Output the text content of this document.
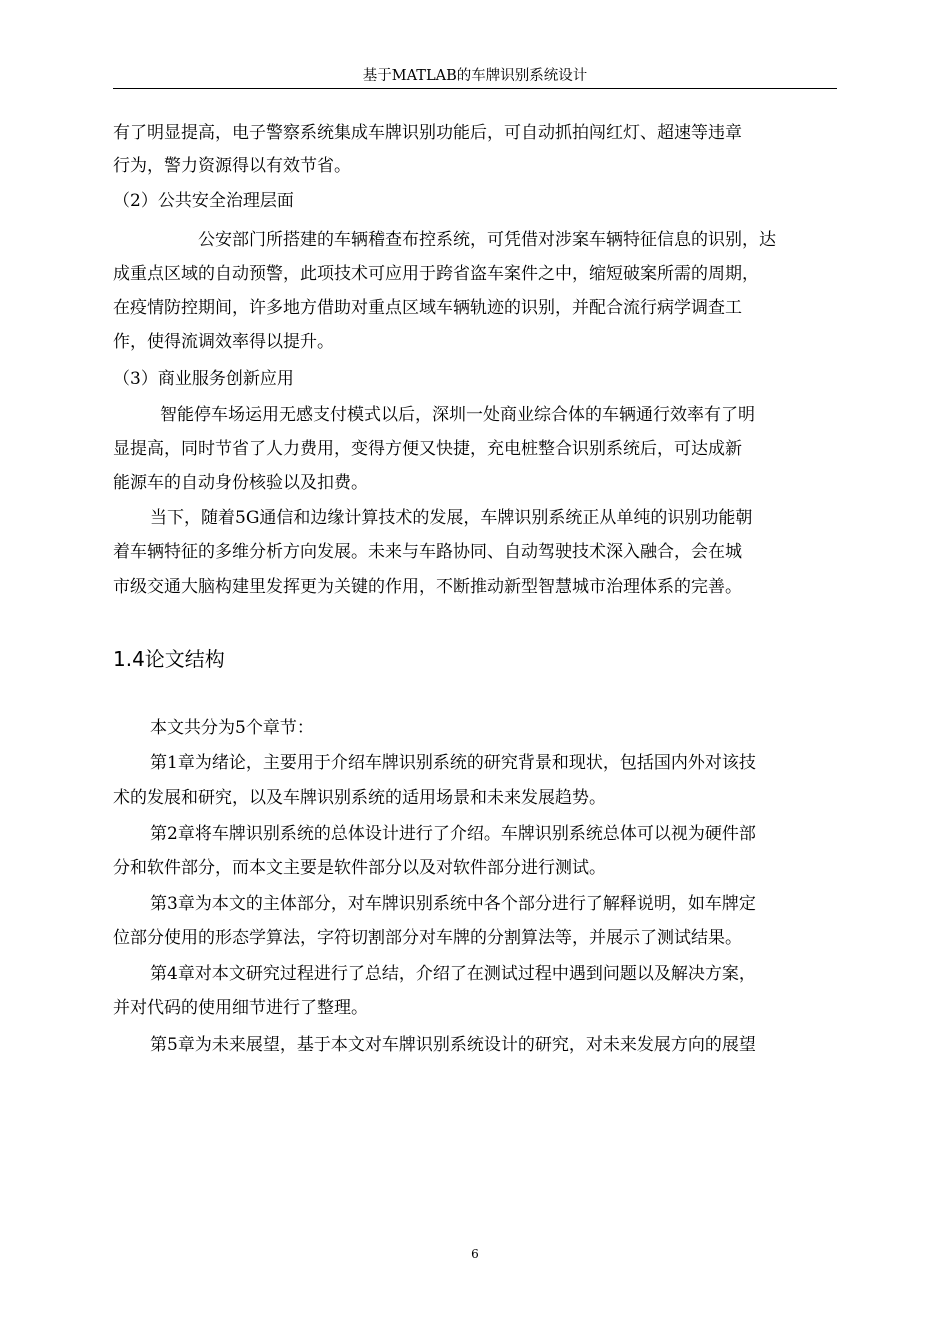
基于MATLAB的车牌识别系统设计
有了明显提高，电子警察系统集成车牌识别功能后，可自动抓拍闯红灯、超速等违章
行为，警力资源得以有效节省。
（2）公共安全治理层面
公安部门所搭建的车辆稽查布控系统，可凭借对涉案车辆特征信息的识别，达
成重点区域的自动预警，此项技术可应用于跨省盗车案件之中，缩短破案所需的周期，
在疫情防控期间，许多地方借助对重点区域车辆轨迹的识别，并配合流行病学调查工
作，使得流调效率得以提升。
（3）商业服务创新应用
智能停车场运用无感支付模式以后，深圳一处商业综合体的车辆通行效率有了明
显提高，同时节省了人力费用，变得方便又快捷，充电桩整合识别系统后，可达成新
能源车的自动身份核验以及扣费。
当下，随着5G通信和边缘计算技术的发展，车牌识别系统正从单纯的识别功能朝
着车辆特征的多维分析方向发展。未来与车路协同、自动驾驶技术深入融合，会在城
市级交通大脑构建里发挥更为关键的作用，不断推动新型智慧城市治理体系的完善。
1.4论文结构
本文共分为5个章节：
第1章为绪论，主要用于介绍车牌识别系统的研究背景和现状，包括国内外对该技
术的发展和研究，以及车牌识别系统的适用场景和未来发展趋势。
第2章将车牌识别系统的总体设计进行了介绍。车牌识别系统总体可以视为硬件部
分和软件部分，而本文主要是软件部分以及对软件部分进行测试。
第3章为本文的主体部分，对车牌识别系统中各个部分进行了解释说明，如车牌定
位部分使用的形态学算法，字符切割部分对车牌的分割算法等，并展示了测试结果。
第4章对本文研究过程进行了总结，介绍了在测试过程中遇到问题以及解决方案，
并对代码的使用细节进行了整理。
第5章为未来展望，基于本文对车牌识别系统设计的研究，对未来发展方向的展望
6
